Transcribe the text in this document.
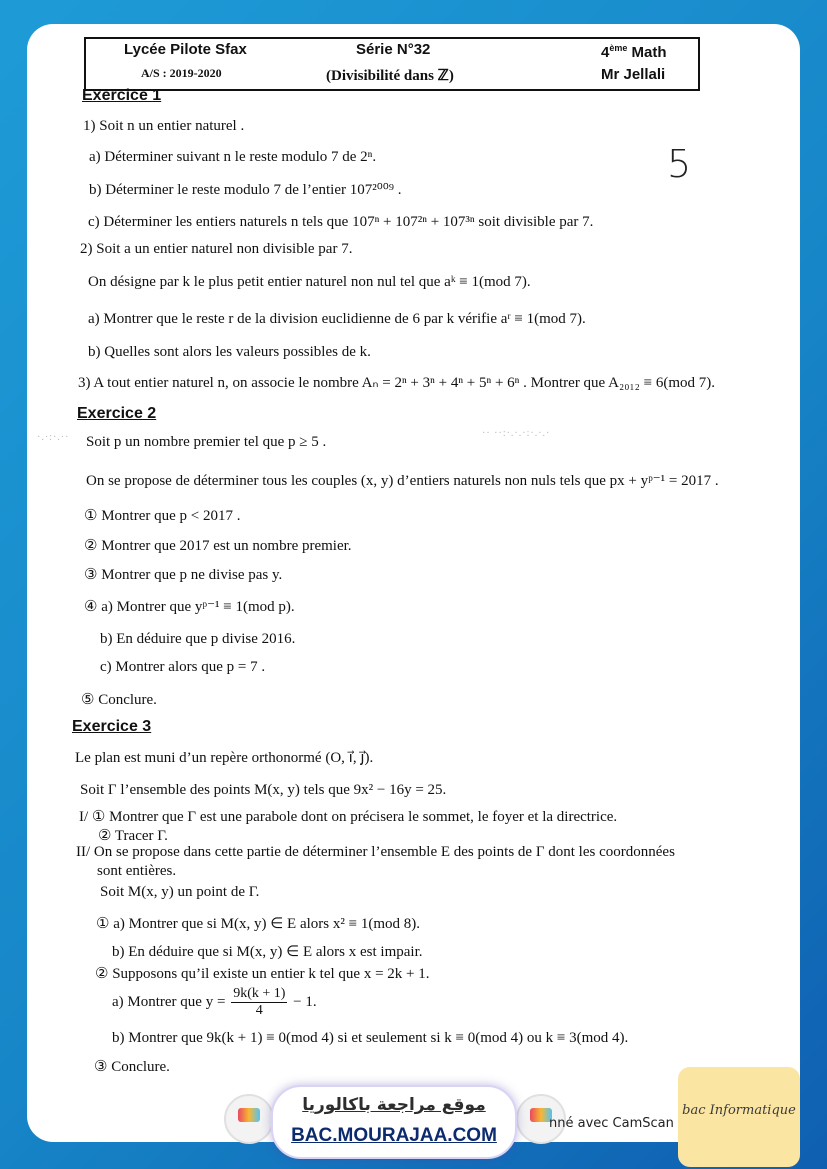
Lycée Pilote Sfax
A/S : 2019-2020
Série N°32
(Divisibilité dans ℤ)
4ème Math
Mr Jellali
5
Exercice 1
1) Soit n un entier naturel .
a) Déterminer suivant n le reste modulo 7 de 2ⁿ.
b) Déterminer le reste modulo 7 de l’entier 107²⁰⁰⁹ .
c) Déterminer les entiers naturels n tels que 107ⁿ + 107²ⁿ + 107³ⁿ soit divisible par 7.
2) Soit a un entier naturel non divisible par 7.
On désigne par k le plus petit entier naturel non nul tel que aᵏ ≡ 1(mod 7).
a) Montrer que le reste r de la division euclidienne de 6 par k vérifie aʳ ≡ 1(mod 7).
b) Quelles sont alors les valeurs possibles de k.
3) A tout entier naturel n, on associe le nombre Aₙ = 2ⁿ + 3ⁿ + 4ⁿ + 5ⁿ + 6ⁿ . Montrer que A₂₀₁₂ ≡ 6(mod 7).
Exercice 2
·.·:·.··	·· ··:·.·.·:·.·.·
Soit p un nombre premier tel que p ≥ 5 .
On se propose de déterminer tous les couples (x, y) d’entiers naturels non nuls tels que px + yᵖ⁻¹ = 2017 .
① Montrer que p < 2017 .
② Montrer que 2017 est un nombre premier.
③ Montrer que p ne divise pas y.
④ a) Montrer que yᵖ⁻¹ ≡ 1(mod p).
b) En déduire que p divise 2016.
c) Montrer alors que p = 7 .
⑤ Conclure.
Exercice 3
Le plan est muni d’un repère orthonormé (O, i⃗, j⃗).
Soit Γ l’ensemble des points M(x, y) tels que 9x² − 16y = 25.
I/ ① Montrer que Γ est une parabole dont on précisera le sommet, le foyer et la directrice.
② Tracer Γ.
II/ On se propose dans cette partie de déterminer l’ensemble E des points de Γ dont les coordonnées
sont entières.
Soit M(x, y) un point de Γ.
① a) Montrer que si M(x, y) ∈ E alors x² ≡ 1(mod 8).
b) En déduire que si M(x, y) ∈ E alors x est impair.
② Supposons qu’il existe un entier k tel que x = 2k + 1.
a) Montrer que $y = \frac{9k(k + 1)}{4} - 1$.
b) Montrer que 9k(k + 1) ≡ 0(mod 4) si et seulement si k ≡ 0(mod 4) ou k ≡ 3(mod 4).
③ Conclure.
موقع مراجعة باكالوريا
BAC.MOURAJAA.COM
nné avec CamScan
bac Informatique
